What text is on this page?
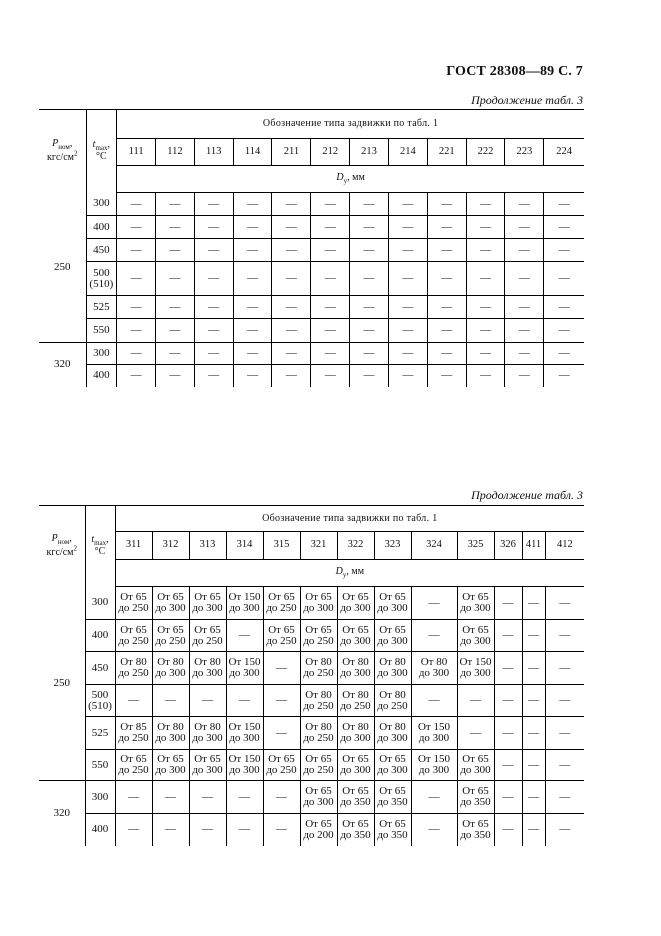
ГОСТ 28308—89 С. 7
Продолжение табл. 3
$P_{ном}$,
кгс/$см^2$	$t_{max}$,
°С	Обозначение типа задвижки по табл. 1											
		111	112	113	114	211	212	213	214	221	222	223	224
		$D_у$, мм											
250	300	—	—	—	—	—	—	—	—	—	—	—	—
	400	—	—	—	—	—	—	—	—	—	—	—	—
	450	—	—	—	—	—	—	—	—	—	—	—	—
	500
(510)	—	—	—	—	—	—	—	—	—	—	—	—
	525	—	—	—	—	—	—	—	—	—	—	—	—
	550	—	—	—	—	—	—	—	—	—	—	—	—
320	300	—	—	—	—	—	—	—	—	—	—	—	—
	400	—	—	—	—	—	—	—	—	—	—	—	—
Продолжение табл. 3
$P_{ном}$,
кгс/$см^2$	$t_{max}$,
°С	Обозначение типа задвижки по табл. 1												
		311	312	313	314	315	321	322	323	324	325	326	411	412
		$D_у$, мм												
250	300	От 65
до 250	От 65
до 300	От 65
до 300	От 150
до 300	От 65
до 250	От 65
до 300	От 65
до 300	От 65
до 300	—	От 65
до 300	—	—	—
	400	От 65
до 250	От 65
до 250	От 65
до 250	—	От 65
до 250	От 65
до 250	От 65
до 300	От 65
до 300	—	От 65
до 300	—	—	—
	450	От 80
до 250	От 80
до 300	От 80
до 300	От 150
до 300	—	От 80
до 250	От 80
до 300	От 80
до 300	От 80
до 300	От 150
до 300	—	—	—
	500
(510)	—	—	—	—	—	От 80
до 250	От 80
до 250	От 80
до 250	—	—	—	—	—
	525	От 85
до 250	От 80
до 300	От 80
до 300	От 150
до 300	—	От 80
до 250	От 80
до 300	От 80
до 300	От 150
до 300	—	—	—	—
	550	От 65
до 250	От 65
до 300	От 65
до 300	От 150
до 300	От 65
до 250	От 65
до 250	От 65
до 300	От 65
до 300	От 150
до 300	От 65
до 300	—	—	—
320	300	—	—	—	—	—	От 65
до 300	От 65
до 350	От 65
до 350	—	От 65
до 350	—	—	—
	400	—	—	—	—	—	От 65
до 200	От 65
до 350	От 65
до 350	—	От 65
до 350	—	—	—
